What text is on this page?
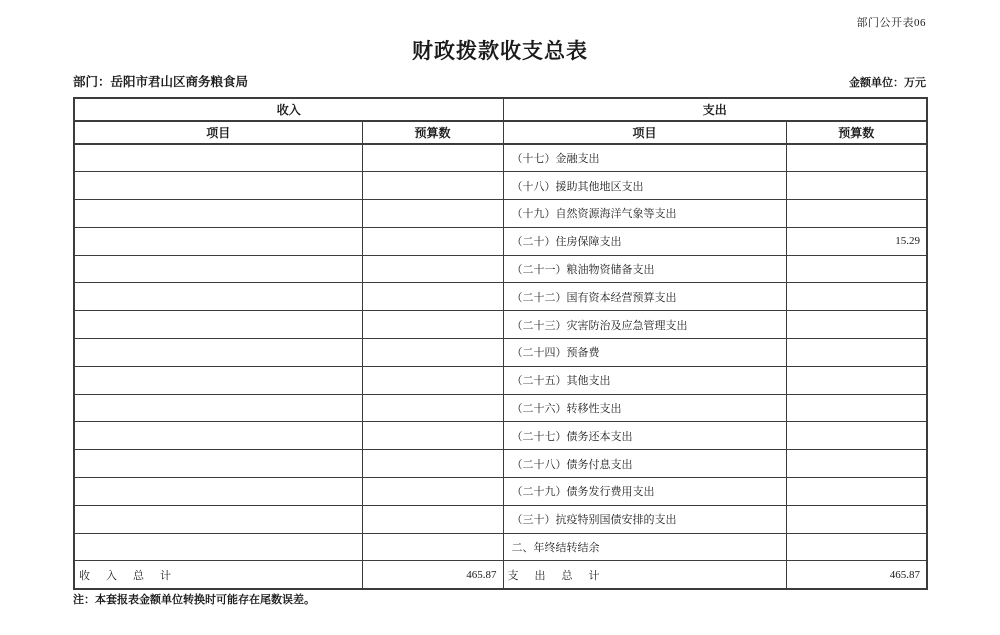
部门公开表06
财政拨款收支总表
部门：岳阳市君山区商务粮食局	金额单位：万元
收入		支出	
项目	预算数	项目	预算数
		（十七）金融支出	
		（十八）援助其他地区支出	
		（十九）自然资源海洋气象等支出	
		（二十）住房保障支出	15.29
		（二十一）粮油物资储备支出	
		（二十二）国有资本经营预算支出	
		（二十三）灾害防治及应急管理支出	
		（二十四）预备费	
		（二十五）其他支出	
		（二十六）转移性支出	
		（二十七）债务还本支出	
		（二十八）债务付息支出	
		（二十九）债务发行费用支出	
		（三十）抗疫特别国债安排的支出	
		二、年终结转结余	
收　入　总　计	465.87	支　出　总　计	465.87
注：本套报表金额单位转换时可能存在尾数误差。
